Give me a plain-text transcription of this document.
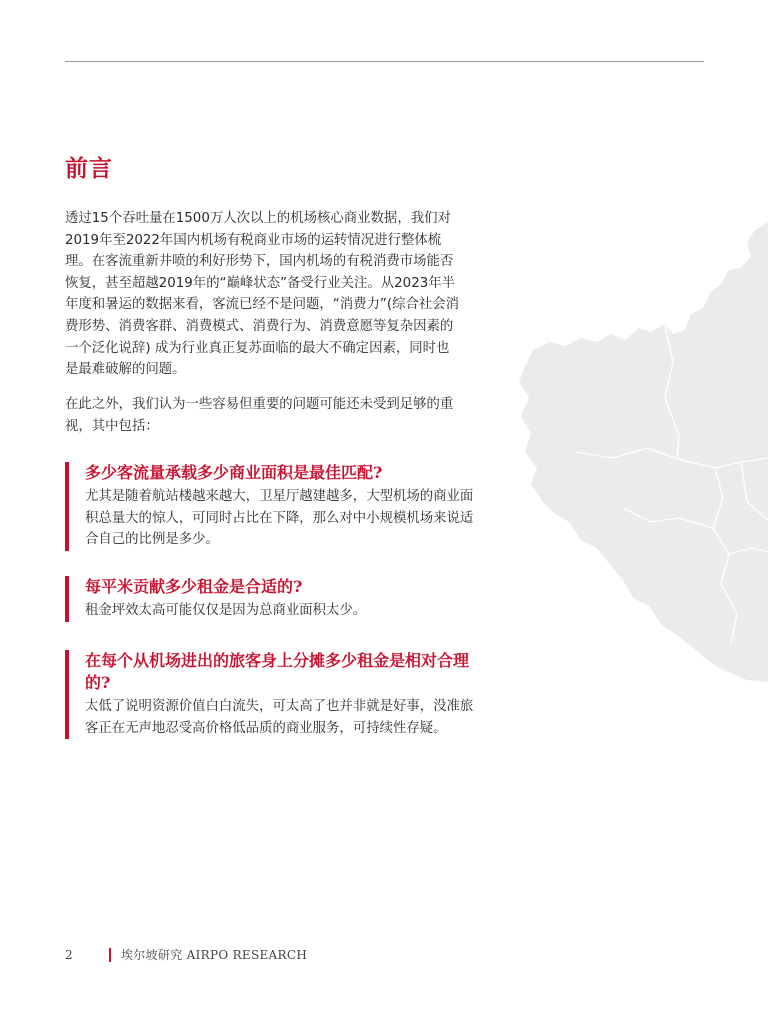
前言

透过15个吞吐量在1500万人次以上的机场核心商业数据，我们对2019年至2022年国内机场有税商业市场的运转情况进行整体梳理。在客流重新井喷的利好形势下，国内机场的有税消费市场能否恢复，甚至超越2019年的“巅峰状态”备受行业关注。从2023年半年度和暑运的数据来看，客流已经不是问题，“消费力”(综合社会消费形势、消费客群、消费模式、消费行为、消费意愿等复杂因素的一个泛化说辞) 成为行业真正复苏面临的最大不确定因素，同时也是最难破解的问题。

在此之外，我们认为一些容易但重要的问题可能还未受到足够的重视，其中包括：

多少客流量承载多少商业面积是最佳匹配?

尤其是随着航站楼越来越大，卫星厅越建越多，大型机场的商业面积总量大的惊人，可同时占比在下降，那么对中小规模机场来说适合自己的比例是多少。

每平米贡献多少租金是合适的?

租金坪效太高可能仅仅是因为总商业面积太少。

在每个从机场进出的旅客身上分摊多少租金是相对合理的?

太低了说明资源价值白白流失，可太高了也并非就是好事，没准旅客正在无声地忍受高价格低品质的商业服务，可持续性存疑。

2	埃尔坡研究 AIRPO RESEARCH
